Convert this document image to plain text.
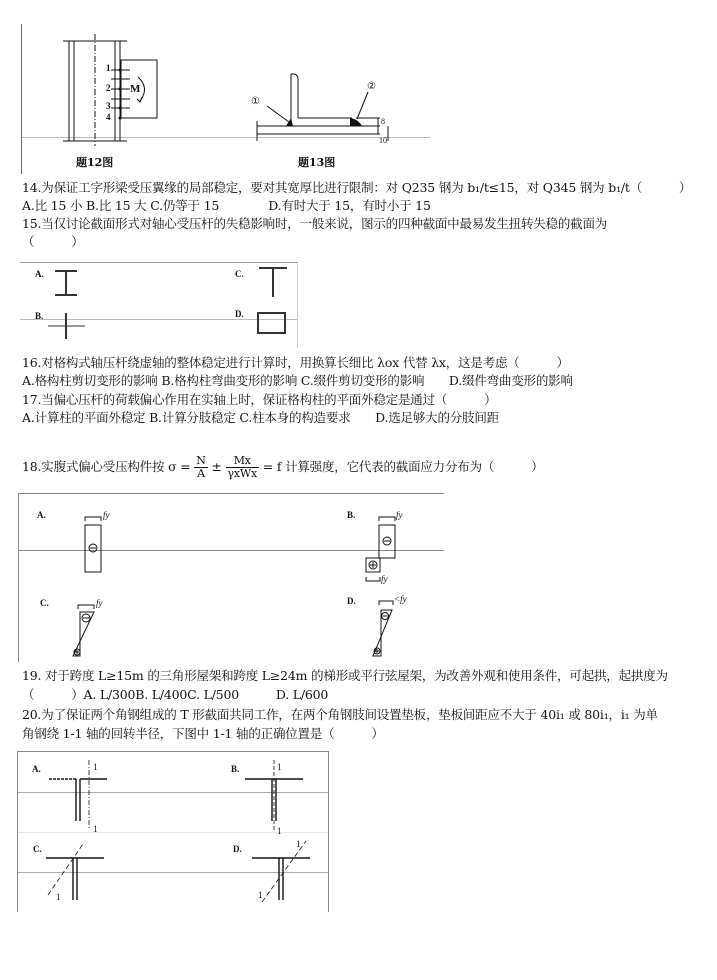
1
2
3
4
M
题12图
①
②
8
10
题13图
14.为保证工字形梁受压翼缘的局部稳定，要对其宽厚比进行限制：对 Q235 钢为 b₁/t≤15，对 Q345 钢为 b₁/t（　　　）
A.比 15 小 B.比 15 大 C.仍等于 15　　　　D.有时大于 15，有时小于 15
15.当仅讨论截面形式对轴心受压杆的失稳影响时，一般来说，图示的四种截面中最易发生扭转失稳的截面为
（　　　）
A.
B.
C.
D.
16.对格构式轴压杆绕虚轴的整体稳定进行计算时，用换算长细比 λox 代替 λx，这是考虑（　　　）
A.格构柱剪切变形的影响 B.格构柱弯曲变形的影响 C.缀件剪切变形的影响　　D.缀件弯曲变形的影响
17.当偏心压杆的荷载偏心作用在实轴上时，保证格构柱的平面外稳定是通过（　　　）
A.计算柱的平面外稳定 B.计算分肢稳定 C.柱本身的构造要求　　D.选足够大的分肢间距
18.实腹式偏心受压构件按 $\sigma = \frac{N}{A} \pm \frac{Mx}{\text{γxWx}} = f$ 计算强度，它代表的截面应力分布为（　　　）
A.	B.
C.	D.
fy	fy
fy
fy	<fy
19. 对于跨度 L≥15m 的三角形屋架和跨度 L≥24m 的梯形或平行弦屋架，为改善外观和使用条件，可起拱，起拱度为
（　　　）A. L/300B. L/400C. L/500　　　D. L/600
20.为了保证两个角钢组成的 T 形截面共同工作，在两个角钢肢间设置垫板，垫板间距应不大于 40i₁ 或 80i₁，i₁ 为单
角钢绕 1-1 轴的回转半径，下图中 1-1 轴的正确位置是（　　　）
A.	B.
C.	D.
1
1
1
1
1
1
1
